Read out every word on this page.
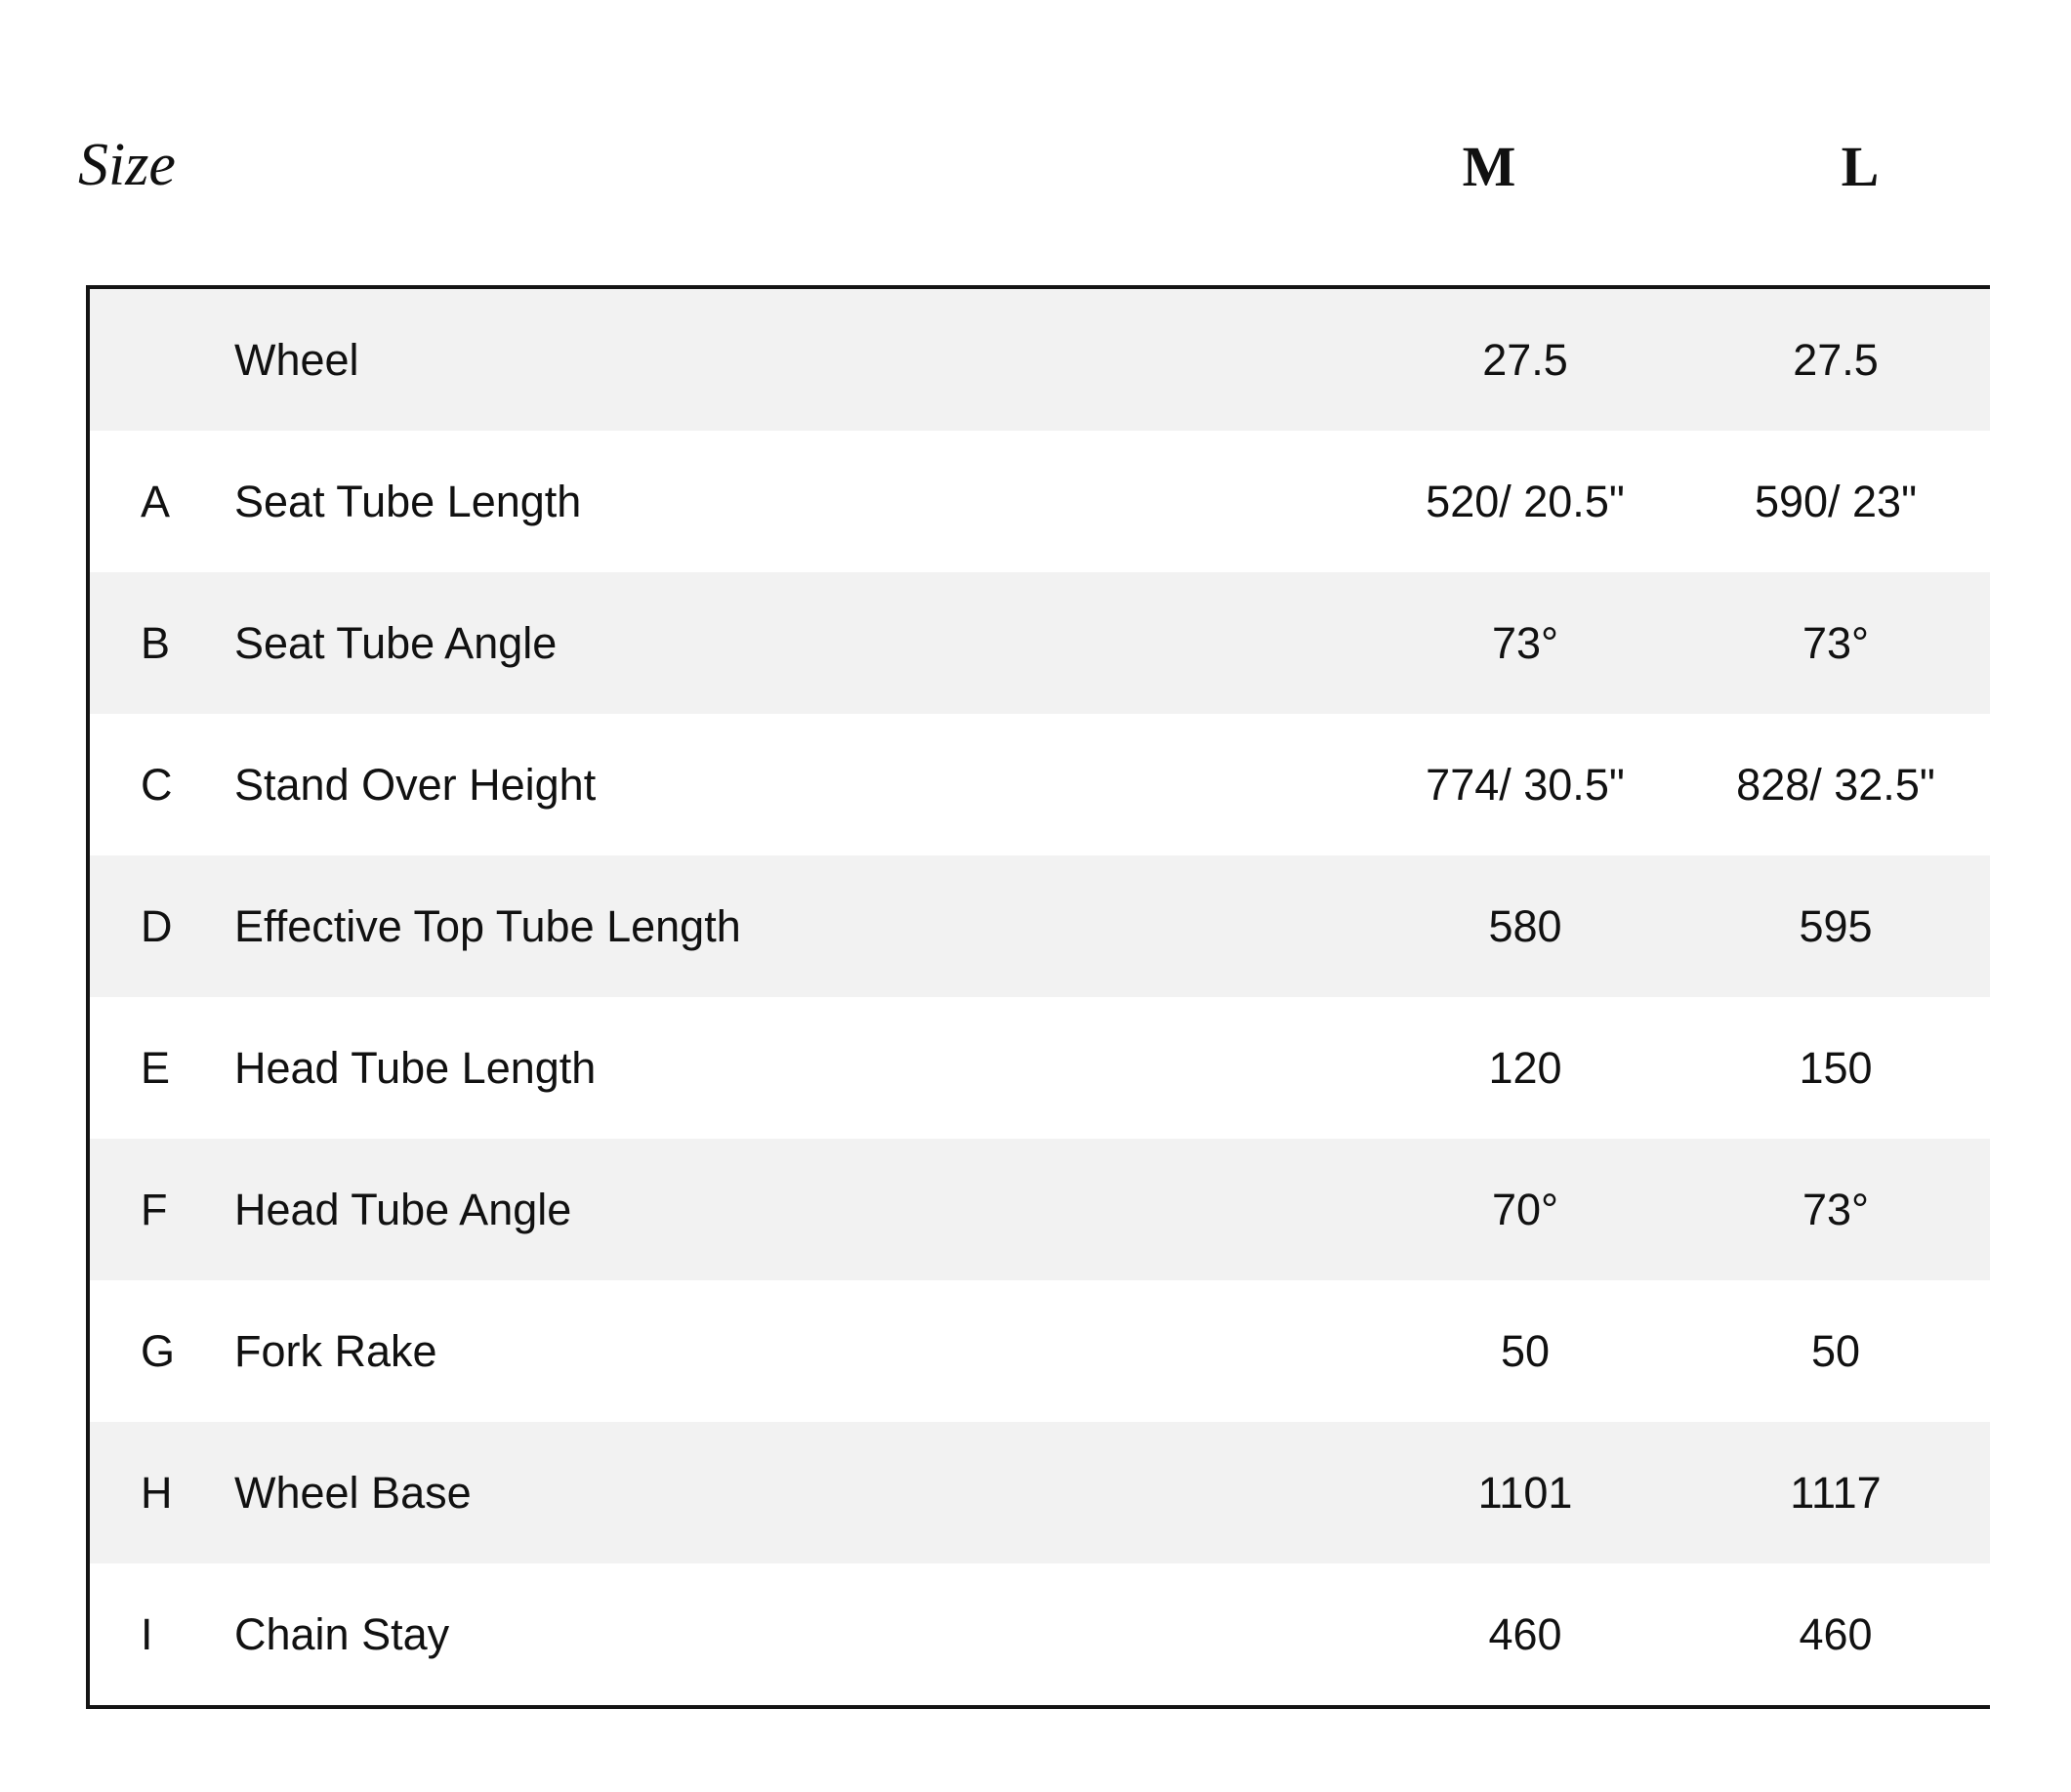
Size	M	L
	Wheel	27.5	27.5
A	Seat Tube Length	520/ 20.5"	590/ 23"
B	Seat Tube Angle	73°	73°
C	Stand Over Height	774/ 30.5"	828/ 32.5"
D	Effective Top Tube Length	580	595
E	Head Tube Length	120	150
F	Head Tube Angle	70°	73°
G	Fork Rake	50	50
H	Wheel Base	1101	1117
I	Chain Stay	460	460
